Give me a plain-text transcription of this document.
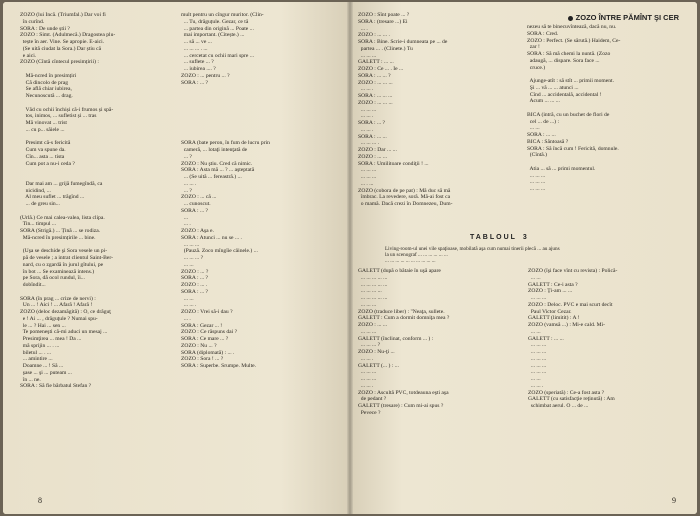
ZOZO (lui Incă. (Triumfal.) Dar voi fi
în curînd.
SORA : De unde știi ?
ZOZO : Simt. (Adulmecă.) Dragostea plu-
tește în aer. Vine. Se apropie. E-aici.
(Se uită ciudat la Sora.) Dar știu că
e aici.
ZOZO (Cîntă cîntecul presimțirii) :

Mă-ncred în presimțiri
Că dincolo de prag
Se află chiar iubirea,
Necunoscută ... drag.

Văd cu ochii închiși că-i frumos și spă-
tos, inimos, ... sufletist și ... tras
Mă vinovat ... trist
... cu p... săiele ...

Presimt că-s fericită
Cum va spune da.
Cîn... asta ... tista
Cum pot a nu-i ceda ?

Dar mai am ... grijă fumegîndă, ca
nicidind, ...
Al meu suflet ... trăgînd ...
... de greu sin...

(Urlă.) Ce mai calea-valea, lista clipa.
Tin... timpul ...
SORA (Strigă.) ... Țină ... se rodiza.
Mă-ncred în presimțirile ... bine.

(Uşa se deschide şi Sora vesele un pi-
pă de vesele ; a intrat clientul Saint-Ber-
nard, cu o zgardă în jurul gîtului, pe
în bot ... Se examinează intens.)
pe Sora, dă ocol rundul, îi...
dobîndit...

SORA (în prag ... crize de nervi) :
Un ... ! Aici ! ... Afară ! Afară !
ZOZO (deloc dezamăgită) : O, ce drăguţ
e ! Ai ... , drăguţule ? Numai spu-
le ... ? Hai ... sen ...
Te pomeneşti că-mi aduci un mesaj ...
Presimţirea ... mea ! Da ...
mă sprijin ... . ...
biletul ... . ...
... amintire ...
Doamne ... ! Să ...
şase ... şi ... puteam ...
în ... ne.
SORA : Să fie bărbatul Stefan ?
mult pentru un cîngur muritor. (Clin-
... Tu, drăguțule. Gezar, ce tă
... partea din origină ... Poate ...
mai important. (Citește.) ...
... să ... ve ...
... ... ... . ...
... cercetat cu ochii mari spre ...
... suflete ... ?
... iubirea .... ?
ZOZO : ... pentru ... ?
SORA : ... ?

SORA (bate peron, în fum de lucru prin
cameră, ... lotaţi intenţată de
... ?
ZOZO : Nu ştiu. Cred că nimic.
SORA : Asta mă ... ? ... aşteptată
... (Se uită ... fereastră.) ...
... ... .
... ?
ZOZO : ... că ...
... cunoscut.
SORA : ... ?
...
... .
ZOZO : Aşa e.
SORA : Atunci ... nu se ... .
... ... ...
(Pauză. Zoco mîngîie câinele.) ...
... ... ... ?
... ...
ZOZO : ... ?
SORA : ... ?
ZOZO : ... .
SORA : ... ?
... ...
... ... .
ZOZO : Vrei să-i dau ?
... .
SORA : Gezar ... !
ZOZO : Ce răspuns dai ?
SORA : Ce mare ... ?
ZOZO : Nu ... ?
SORA (diplomată) : ... .
ZOZO : Sora ! ... ?
SORA : Superbe. Srumpe. Multe.
8
ZOZO ÎNTRE PĂMÎNT ŞI CER
ZOZO : Sînt poate ... ?
SORA : (tresare ...) Ei
... .
ZOZO : ... ... .
SORA : Bine. Scrie-i dumneata pe ... de
partea ... . (Clinete.) Tu
... ... ...
GALETT : ... ...
ZOZO : Ce ... . Ie ...
SORA : ... ... ?
ZOZO : ... ... ...
... ... .
SORA : ... ... ...
ZOZO : ... ... ...
... ... ...
... ... .
SORA : ... ?
... ... .
SORA : ... ...
... ... ... .
ZOZO : Dar ... ...
ZOZO : ... ...
SORA : Umilitoare condiţii ! ...
... ... ...
... ... ...
... . ...
ZOZO (cobora de pe pat) : Mă duc să mă
îmbrac. La revedere, soră. Mă-ai fost ca
o mamă. Dacă crezi în Domnezeu, Dum-
nezeu să te binecuvîntează, dacă nu, nu.
SORA : Cred.
ZOZO : Perfect. (Se sărută.) Haidem, Ce-
zar !
SORA : Să mă chemi la nuntă. (Zozo
adaugă, ... dispare. Sora face ...
cruce.)

Ajunge-atît : să stît ... primii moment.
Şi ... vă ... ... atunci ...
Cînd ... accidentală, accidental !
Acum ... ... ...

BICA (intră, cu un buchet de flori de
cel ... de ...) :
... ...
SORA : ... ...
BICA : Săntoasă ?
SORA : Să încă cum ! Fericită, domnule.
(Cîntă.)

Atia ... să ... primi momentul.
... ... ...
... ... ...
... ... ...
TABLOUL 3
Living-room-ul unei vile spaţioase, mobilată aşa cum numai tinerii plecă ... au ajuns
la un scenograf ... ... ... ... ... ...
... ... ... ... ... ... ... ... ... ...
GALETT (după o bătaie în uşă apare
... ... ... ... ...
... ... ... ... ...
... ... ... ...
... ... ... ... ...
... ... ...
ZOZO (traduce liber) : "Neaţa, sullete.
GALETT : Cum a dormit domniţa mea ?
ZOZO : ... ...
... ... ...
GALETT (înclinat, conform ... ) :
... ... ... ?
ZOZO : Nu-ţi ...
... ... .
GALETT (... ) : ...
... ... ...
... ... ...
... ... .
ZOZO : Ascultă PVC, totdeauna eşti aşa
de pedant ?
GALETT (tresare) : Cum mi-ai spus ?
Pevece ?
ZOZO (îşi face vînt cu revista) : Polică-
... ...
GALETT : Ce-i asta ?
ZOZO : Ţi-am ... ...
... ... ...
ZOZO : Deloc. PVC e mai scurt decît
Paul Victor Cezar.
GALETT (limitit) : A !
ZOZO (vamsă ...) : Mi-e cald. Mi-
... ...
GALETT : ... ...
... ... ...
... ... ...
... ... ...
... ... ...
... ... ...
... ...
... ... .
ZOZO (speriată) : Ce-a fost asta ?
GALETT (cu satisfacţie reţinută) : Am
schimbat aerul. O ... de ...
9
